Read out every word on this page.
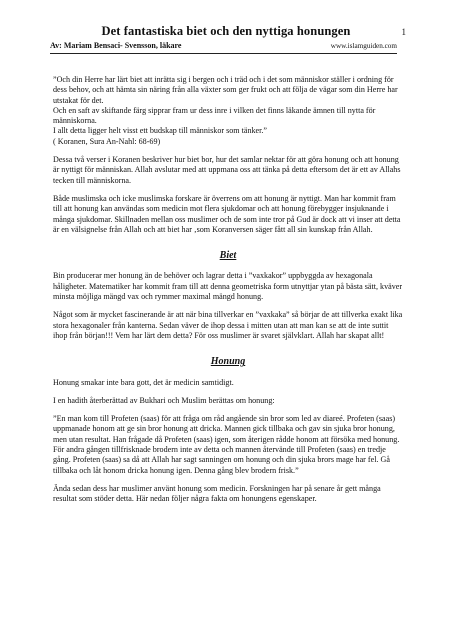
Det fantastiska biet och den nyttiga honungen	1
Av: Mariam Bensaci- Svensson, läkare	www.islamguiden.com

”Och din Herre har lärt biet att inrätta sig i bergen och i träd och i det som människor ställer i ordning för dess behov, och att hämta sin näring från alla växter som ger frukt och att följa de vägar som din Herre har utstakat för det.

Och en saft av skiftande färg sipprar fram ur dess inre i vilken det finns läkande ämnen till nytta för människorna.

I allt detta ligger helt visst ett budskap till människor som tänker.”

( Koranen, Sura An-Nahl: 68-69)

Dessa två verser i Koranen beskriver hur biet bor, hur det samlar nektar för att göra honung och att honung är nyttigt för människan. Allah avslutar med att uppmana oss att tänka på detta eftersom det är ett av Allahs tecken till människorna.

Både muslimska och icke muslimska forskare är överrens om att honung är nyttigt. Man har kommit fram till att honung kan användas som medicin mot flera sjukdomar och att honung förebygger insjuknande i många sjukdomar. Skillnaden mellan oss muslimer och de som inte tror på Gud är dock att vi inser att detta är en välsignelse från Allah och att biet har ‚som Koranversen säger fått all sin kunskap från Allah.

Biet

Bin producerar mer honung än de behöver och lagrar detta i ”vaxkakor” uppbyggda av hexagonala håligheter. Matematiker har kommit fram till att denna geometriska form utnyttjar ytan på bästa sätt, kväver minsta möjliga mängd vax och rymmer maximal mängd honung.

Något som är mycket fascinerande är att när bina tillverkar en ”vaxkaka” så börjar de att tillverka exakt lika stora hexagonaler från kanterna. Sedan väver de ihop dessa i mitten utan att man kan se att de inte suttit ihop från början!!! Vem har lärt dem detta? För oss muslimer är svaret självklart. Allah har skapat allt!

Honung

Honung smakar inte bara gott, det är medicin samtidigt.

I en hadith återberättad av Bukhari och Muslim berättas om honung:

”En man kom till Profeten (saas) för att fråga om råd angående sin bror som led av diareé. Profeten (saas) uppmanade honom att ge sin bror honung att dricka. Mannen gick tillbaka och gav sin sjuka bror honung, men utan resultat. Han frågade då Profeten (saas) igen, som återigen rådde honom att försöka med honung. För andra gången tillfrisknade brodern inte av detta och mannen återvände till Profeten (saas) en tredje gång. Profeten (saas) sa då att Allah har sagt sanningen om honung och din sjuka brors mage har fel. Gå tillbaka och låt honom dricka honung igen. Denna gång blev brodern frisk.”

Ända sedan dess har muslimer använt honung som medicin. Forskningen har på senare år gett många resultat som stöder detta. Här nedan följer några fakta om honungens egenskaper.
